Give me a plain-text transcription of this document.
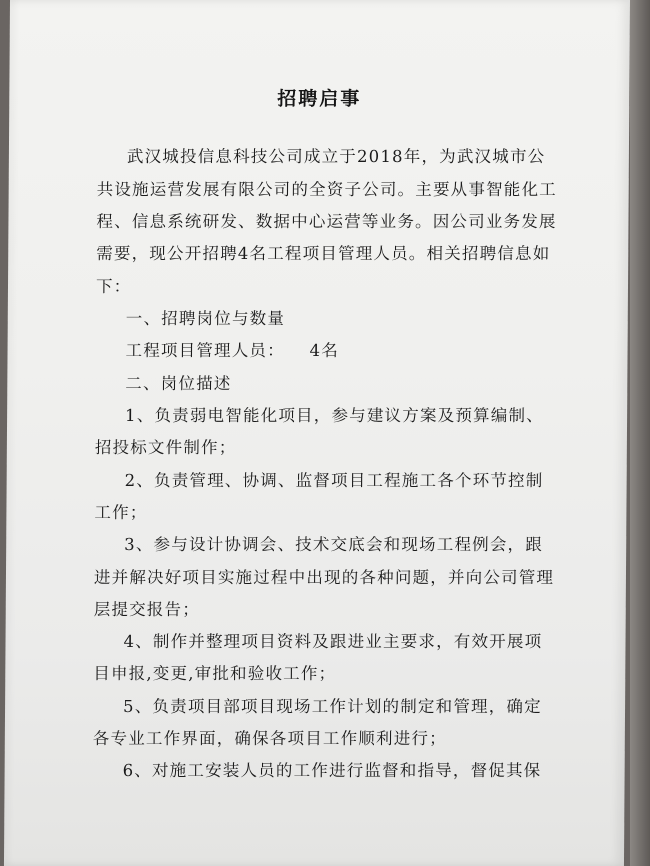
招聘启事
武汉城投信息科技公司成立于2018年，为武汉城市公
共设施运营发展有限公司的全资子公司。主要从事智能化工
程、信息系统研发、数据中心运营等业务。因公司业务发展
需要，现公开招聘4名工程项目管理人员。相关招聘信息如
下：
一、招聘岗位与数量
工程项目管理人员： 4名
二、岗位描述
1、负责弱电智能化项目，参与建议方案及预算编制、
招投标文件制作；
2、负责管理、协调、监督项目工程施工各个环节控制
工作；
3、参与设计协调会、技术交底会和现场工程例会，跟
进并解决好项目实施过程中出现的各种问题，并向公司管理
层提交报告；
4、制作并整理项目资料及跟进业主要求，有效开展项
目申报,变更,审批和验收工作；
5、负责项目部项目现场工作计划的制定和管理，确定
各专业工作界面，确保各项目工作顺利进行；
6、对施工安装人员的工作进行监督和指导，督促其保
